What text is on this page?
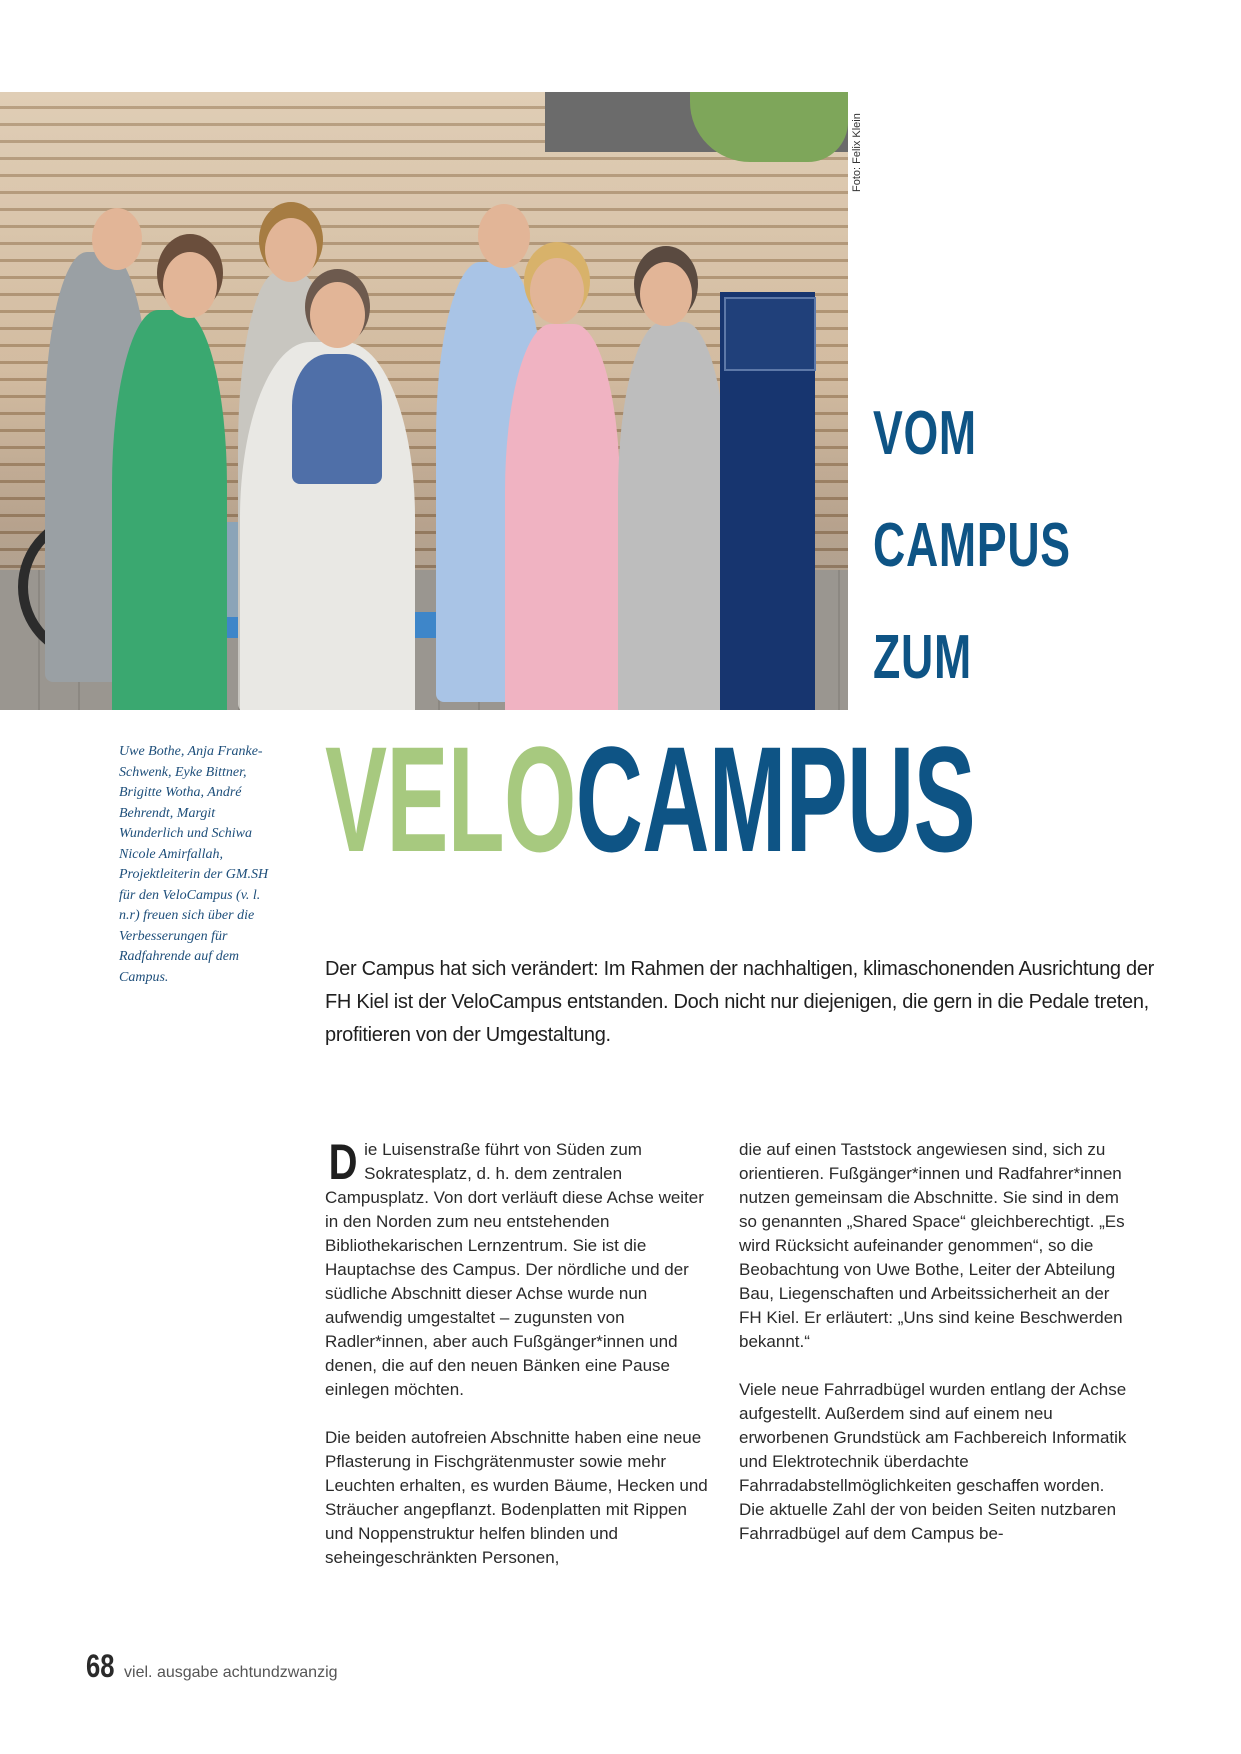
Foto: Felix Klein
VOM
CAMPUS
ZUM
VELOCAMPUS
Uwe Bothe, Anja Franke-Schwenk, Eyke Bittner, Brigitte Wotha, André Behrendt, Margit Wunderlich und Schiwa Nicole Amirfallah, Projektleiterin der GM.SH für den VeloCampus (v. l. n.r) freuen sich über die Verbesserungen für Radfahrende auf dem Campus.	Der Campus hat sich verändert: Im Rahmen der nachhaltigen, klimaschonenden Ausrichtung der FH Kiel ist der VeloCampus entstanden. Doch nicht nur diejenigen, die gern in die Pedale treten, profitieren von der Umgestaltung.

Die Luisenstraße führt von Süden zum Sokratesplatz, d. h. dem zentralen Campusplatz. Von dort verläuft diese Achse weiter in den Norden zum neu entstehenden Bibliothekarischen Lernzentrum. Sie ist die Hauptachse des Campus. Der nördliche und der südliche Abschnitt dieser Achse wurde nun aufwendig umgestaltet – zugunsten von Radler*innen, aber auch Fußgänger*innen und denen, die auf den neuen Bänken eine Pause einlegen möchten.

Die beiden autofreien Abschnitte haben eine neue Pflasterung in Fischgrätenmuster sowie mehr Leuchten erhalten, es wurden Bäume, Hecken und Sträucher angepflanzt. Bodenplatten mit Rippen und Noppenstruktur helfen blinden und seheingeschränkten Personen,

die auf einen Taststock angewiesen sind, sich zu orientieren. Fußgänger*innen und Radfahrer*innen nutzen gemeinsam die Abschnitte. Sie sind in dem so genannten „Shared Space“ gleichberechtigt. „Es wird Rücksicht aufeinander genommen“, so die Beobachtung von Uwe Bothe, Leiter der Abteilung Bau, Liegenschaften und Arbeitssicherheit an der FH Kiel. Er erläutert: „Uns sind keine Beschwerden bekannt.“

Viele neue Fahrradbügel wurden entlang der Achse aufgestellt. Außerdem sind auf einem neu erworbenen Grundstück am Fachbereich Informatik und Elektrotechnik überdachte Fahrradabstellmöglichkeiten geschaffen worden. Die aktuelle Zahl der von beiden Seiten nutzbaren Fahrradbügel auf dem Campus be-

68 viel. ausgabe achtundzwanzig
